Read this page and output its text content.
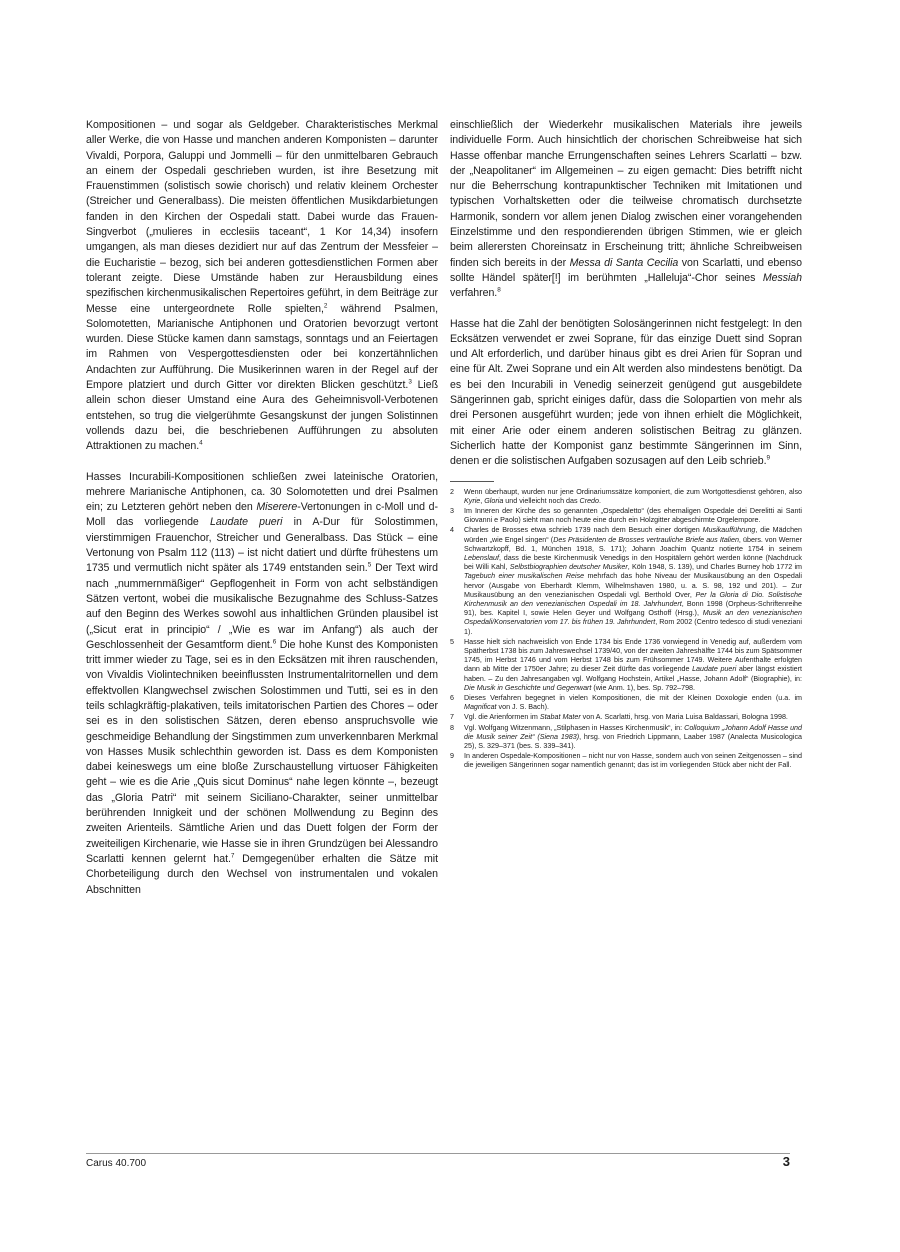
Kompositionen – und sogar als Geldgeber. Charakteristisches Merkmal aller Werke, die von Hasse und manchen anderen Komponisten – darunter Vivaldi, Porpora, Galuppi und Jommelli – für den unmittelbaren Gebrauch an einem der Ospedali geschrieben wurden, ist ihre Besetzung mit Frauenstimmen (solistisch sowie chorisch) und relativ kleinem Orchester (Streicher und Generalbass). Die meisten öffentlichen Musikdarbietungen fanden in den Kirchen der Ospedali statt. Dabei wurde das Frauen-Singverbot („mulieres in ecclesiis taceant“, 1 Kor 14,34) insofern umgangen, als man dieses dezidiert nur auf das Zentrum der Messfeier – die Eucharistie – bezog, sich bei anderen gottesdienstlichen Formen aber tolerant zeigte. Diese Umstände haben zur Herausbildung eines spezifischen kirchenmusikalischen Repertoires geführt, in dem Beiträge zur Messe eine untergeordnete Rolle spielten,$^2$ während Psalmen, Solomotetten, Marianische Antiphonen und Oratorien bevorzugt vertont wurden. Diese Stücke kamen dann samstags, sonntags und an Feiertagen im Rahmen von Vespergottesdiensten oder bei konzertähnlichen Andachten zur Aufführung. Die Musikerinnen waren in der Regel auf der Empore platziert und durch Gitter vor direkten Blicken geschützt.$^3$ Ließ allein schon dieser Umstand eine Aura des Geheimnisvoll-Verbotenen entstehen, so trug die vielgerühmte Gesangskunst der jungen Solistinnen vollends dazu bei, die beschriebenen Aufführungen zu absoluten Attraktionen zu machen.$^4$

Hasses Incurabili-Kompositionen schließen zwei lateinische Oratorien, mehrere Marianische Antiphonen, ca. 30 Solomotetten und drei Psalmen ein; zu Letzteren gehört neben den Miserere-Vertonungen in c-Moll und d-Moll das vorliegende Laudate pueri in A-Dur für Solostimmen, vierstimmigen Frauenchor, Streicher und Generalbass. Das Stück – eine Vertonung von Psalm 112 (113) – ist nicht datiert und dürfte frühestens um 1735 und vermutlich nicht später als 1749 entstanden sein.$^5$ Der Text wird nach „nummernmäßiger“ Gepflogenheit in Form von acht selbständigen Sätzen vertont, wobei die musikalische Bezugnahme des Schluss-Satzes auf den Beginn des Werkes sowohl aus inhaltlichen Gründen plausibel ist („Sicut erat in principio“ / „Wie es war im Anfang“) als auch der Geschlossenheit der Gesamtform dient.$^6$ Die hohe Kunst des Komponisten tritt immer wieder zu Tage, sei es in den Ecksätzen mit ihren rauschenden, von Vivaldis Violintechniken beeinflussten Instrumentalritornellen und dem effektvollen Klangwechsel zwischen Solostimmen und Tutti, sei es in den teils schlagkräftig-plakativen, teils imitatorischen Partien des Chores – oder sei es in den solistischen Sätzen, deren ebenso anspruchsvolle wie geschmeidige Behandlung der Singstimmen zum unverkennbaren Merkmal von Hasses Musik schlechthin geworden ist. Dass es dem Komponisten dabei keineswegs um eine bloße Zurschaustellung virtuoser Fähigkeiten geht – wie es die Arie „Quis sicut Dominus“ nahe legen könnte –, bezeugt das „Gloria Patri“ mit seinem Siciliano-Charakter, seiner unmittelbar berührenden Innigkeit und der schönen Mollwendung zu Beginn des zweiten Arienteils. Sämtliche Arien und das Duett folgen der Form der zweiteiligen Kirchenarie, wie Hasse sie in ihren Grundzügen bei Alessandro Scarlatti kennen gelernt hat.$^7$ Demgegenüber erhalten die Sätze mit Chorbeteiligung durch den Wechsel von instrumentalen und vokalen Abschnitten

einschließlich der Wiederkehr musikalischen Materials ihre jeweils individuelle Form. Auch hinsichtlich der chorischen Schreibweise hat sich Hasse offenbar manche Errungenschaften seines Lehrers Scarlatti – bzw. der „Neapolitaner“ im Allgemeinen – zu eigen gemacht: Dies betrifft nicht nur die Beherrschung kontrapunktischer Techniken mit Imitationen und typischen Vorhaltsketten oder die teilweise chromatisch durchsetzte Harmonik, sondern vor allem jenen Dialog zwischen einer vorangehenden Einzelstimme und den respondierenden übrigen Stimmen, wie er gleich beim allerersten Choreinsatz in Erscheinung tritt; ähnliche Schreibweisen finden sich bereits in der Messa di Santa Cecilia von Scarlatti, und ebenso sollte Händel später[!] im berühmten „Halleluja“-Chor seines Messiah verfahren.$^8$

Hasse hat die Zahl der benötigten Solosängerinnen nicht festgelegt: In den Ecksätzen verwendet er zwei Soprane, für das einzige Duett sind Sopran und Alt erforderlich, und darüber hinaus gibt es drei Arien für Sopran und eine für Alt. Zwei Soprane und ein Alt werden also mindestens benötigt. Da es bei den Incurabili in Venedig seinerzeit genügend gut ausgebildete Sängerinnen gab, spricht einiges dafür, dass die Solopartien von mehr als drei Personen ausgeführt wurden; jede von ihnen erhielt die Möglichkeit, mit einer Arie oder einem anderen solistischen Beitrag zu glänzen. Sicherlich hatte der Komponist ganz bestimmte Sängerinnen im Sinn, denen er die solistischen Aufgaben sozusagen auf den Leib schrieb.$^9$

2 Wenn überhaupt, wurden nur jene Ordinariumssätze komponiert, die zum Wortgottesdienst gehören, also Kyrie, Gloria und vielleicht noch das Credo.
3 Im Inneren der Kirche des so genannten „Ospedaletto“ (des ehemaligen Ospedale dei Derelitti ai Santi Giovanni e Paolo) sieht man noch heute eine durch ein Holzgitter abgeschirmte Orgelempore.
4 Charles de Brosses etwa schrieb 1739 nach dem Besuch einer dortigen Musikaufführung, die Mädchen würden „wie Engel singen“ (Des Präsidenten de Brosses vertrauliche Briefe aus Italien, übers. von Werner Schwartzkopff, Bd. 1, München 1918, S. 171); Johann Joachim Quantz notierte 1754 in seinem Lebenslauf, dass die beste Kirchenmusik Venedigs in den Hospitälern gehört werden könne (Nachdruck bei Willi Kahl, Selbstbiographien deutscher Musiker, Köln 1948, S. 139), und Charles Burney hob 1772 im Tagebuch einer musikalischen Reise mehrfach das hohe Niveau der Musikausübung an den Ospedali hervor (Ausgabe von Eberhardt Klemm, Wilhelmshaven 1980, u. a. S. 98, 192 und 201). – Zur Musikausübung an den venezianischen Ospedali vgl. Berthold Over, Per la Gloria di Dio. Solistische Kirchenmusik an den venezianischen Ospedali im 18. Jahrhundert, Bonn 1998 (Orpheus-Schriftenreihe 91), bes. Kapitel I, sowie Helen Geyer und Wolfgang Osthoff (Hrsg.), Musik an den venezianischen Ospedali/Konservatorien vom 17. bis frühen 19. Jahrhundert, Rom 2002 (Centro tedesco di studi veneziani 1).
5 Hasse hielt sich nachweislich von Ende 1734 bis Ende 1736 vorwiegend in Venedig auf, außerdem vom Spätherbst 1738 bis zum Jahreswechsel 1739/40, von der zweiten Jahreshälfte 1744 bis zum Spätsommer 1745, im Herbst 1746 und vom Herbst 1748 bis zum Frühsommer 1749. Weitere Aufenthalte erfolgten dann ab Mitte der 1750er Jahre; zu dieser Zeit dürfte das vorliegende Laudate pueri aber längst existiert haben. – Zu den Jahresangaben vgl. Wolfgang Hochstein, Artikel „Hasse, Johann Adolf“ (Biographie), in: Die Musik in Geschichte und Gegenwart (wie Anm. 1), bes. Sp. 792–798.
6 Dieses Verfahren begegnet in vielen Kompositionen, die mit der Kleinen Doxologie enden (u.a. im Magnificat von J. S. Bach).
7 Vgl. die Arienformen im Stabat Mater von A. Scarlatti, hrsg. von Maria Luisa Baldassari, Bologna 1998.
8 Vgl. Wolfgang Witzenmann, „Stilphasen in Hasses Kirchenmusik“, in: Colloquium „Johann Adolf Hasse und die Musik seiner Zeit“ (Siena 1983), hrsg. von Friedrich Lippmann, Laaber 1987 (Analecta Musicologica 25), S. 329–371 (bes. S. 339–341).
9 In anderen Ospedale-Kompositionen – nicht nur von Hasse, sondern auch von seinen Zeitgenossen – sind die jeweiligen Sängerinnen sogar namentlich genannt; das ist im vorliegenden Stück aber nicht der Fall.
Carus 40.700	3
